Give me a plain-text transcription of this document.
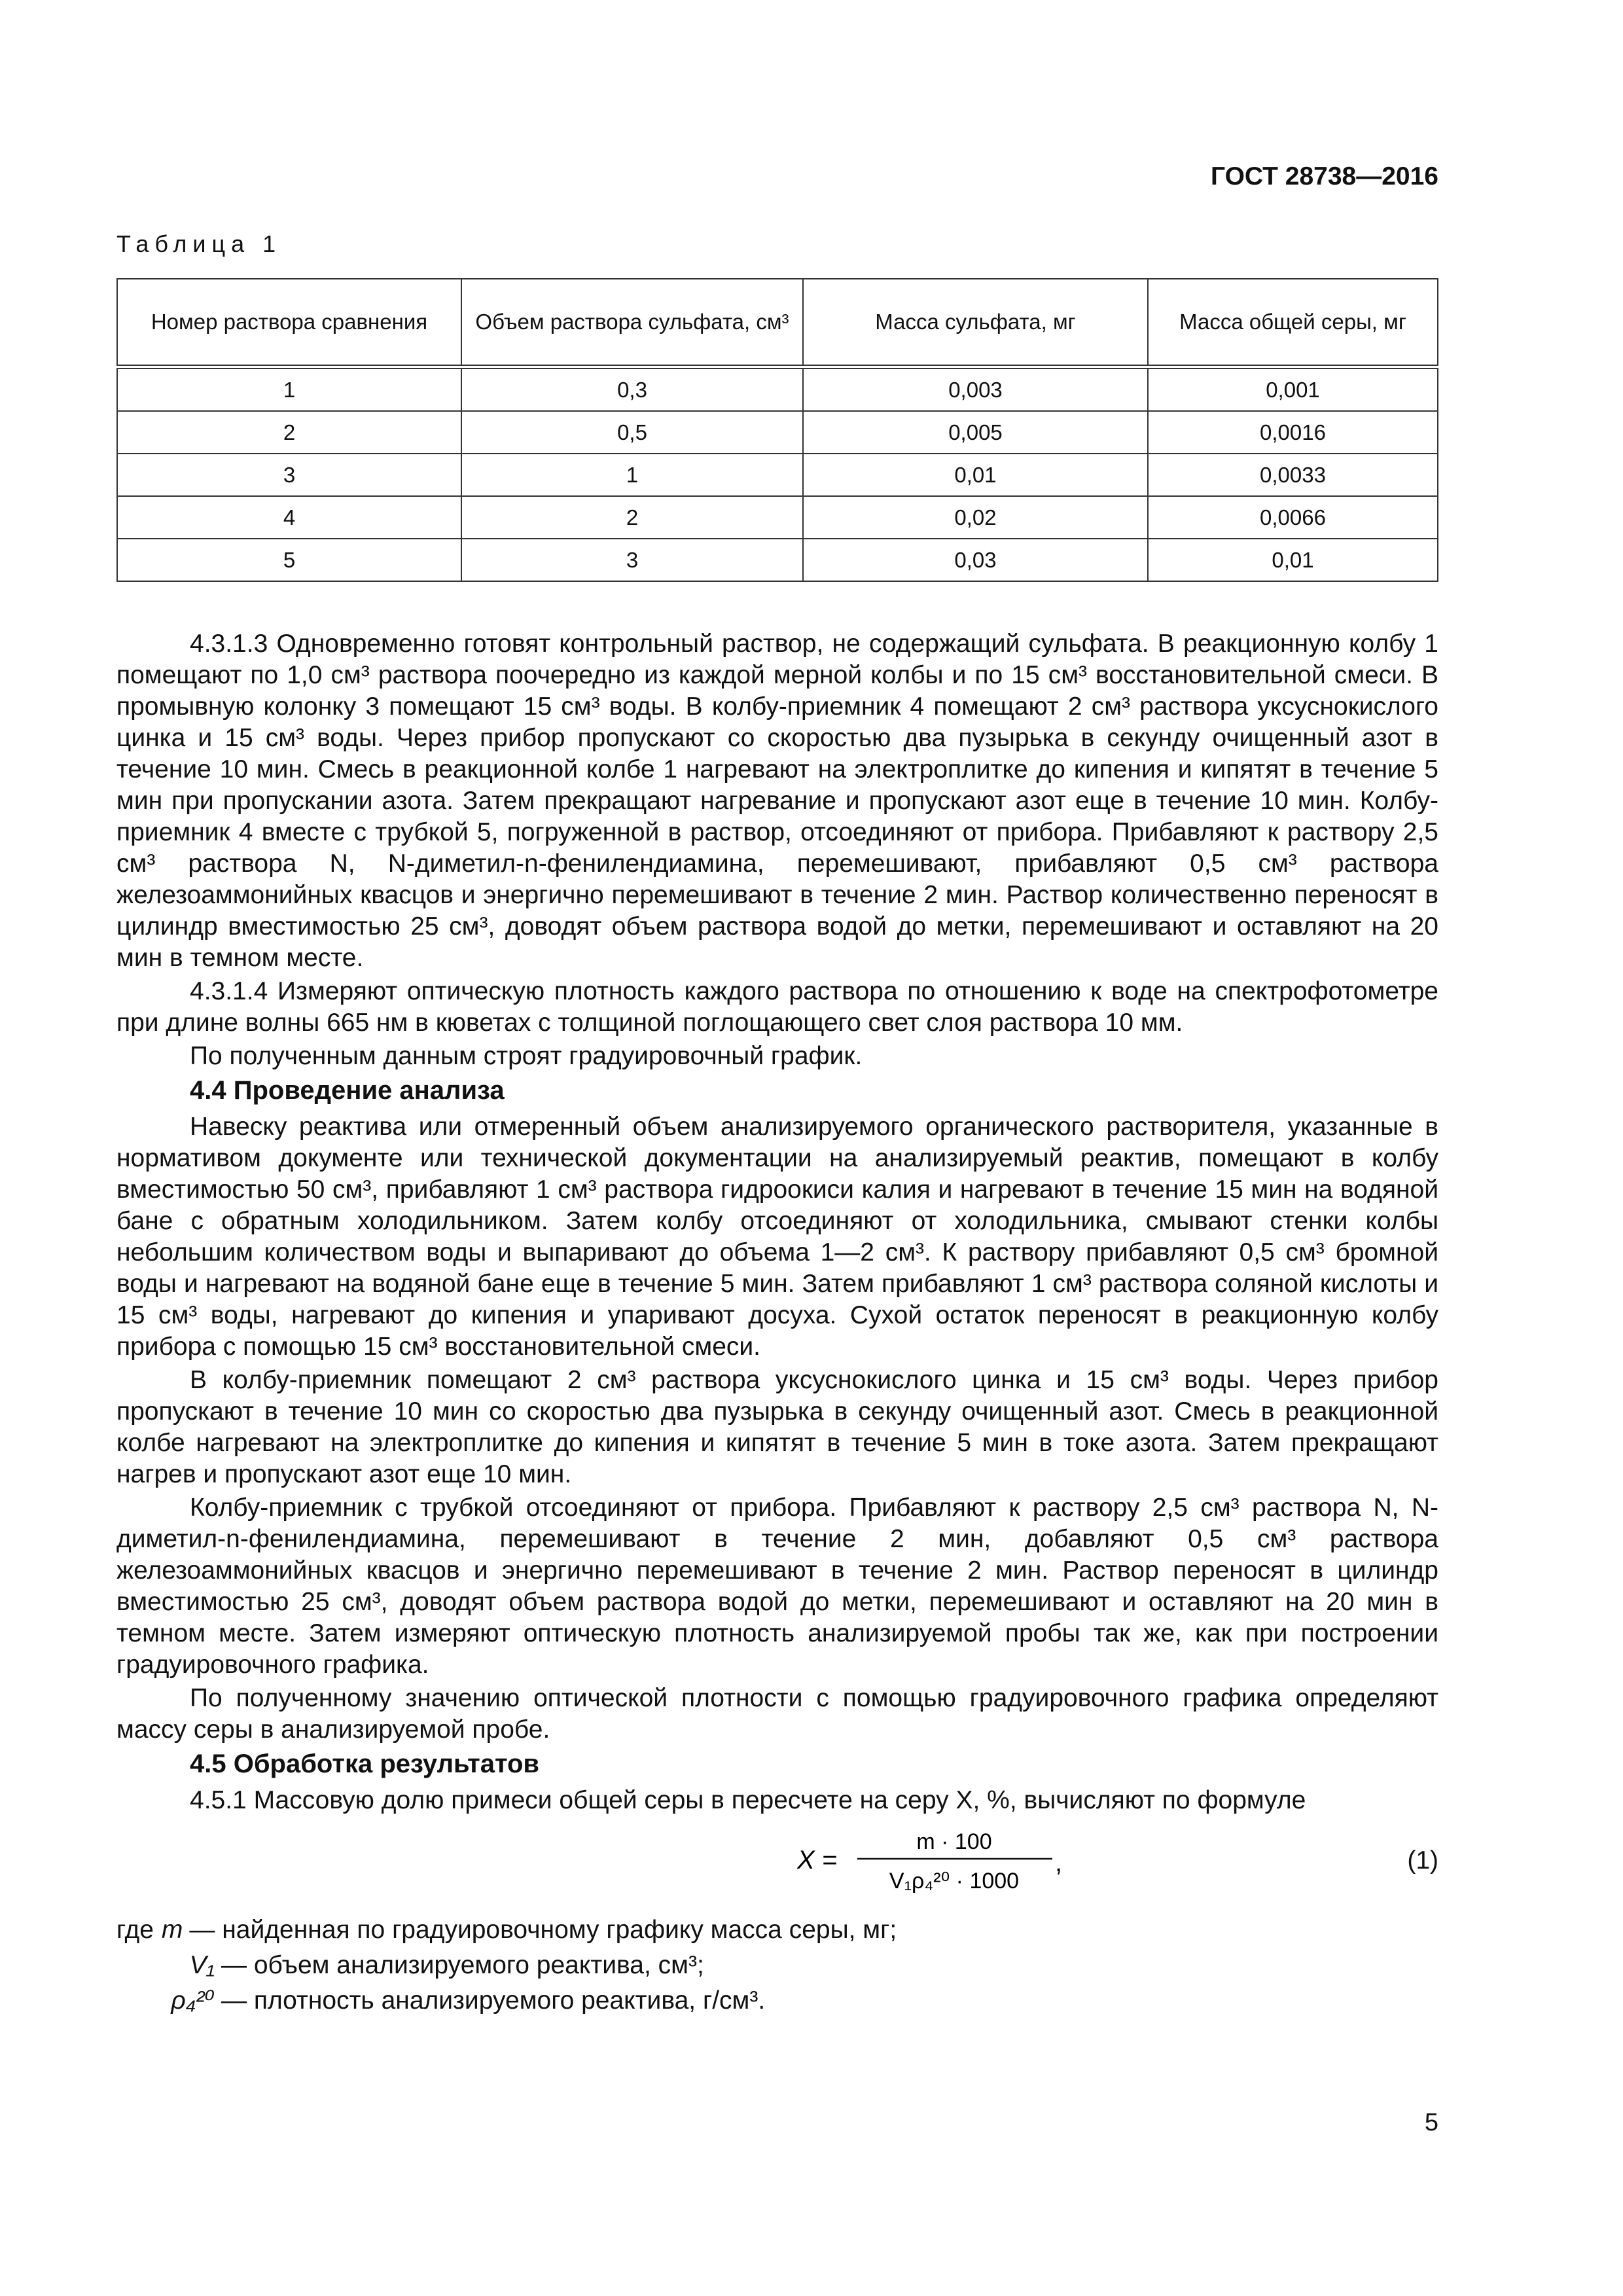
ГОСТ 28738—2016
Таблица 1
Номер раствора сравнения	Объем раствора сульфата, см³	Масса сульфата, мг	Масса общей серы, мг
1	0,3	0,003	0,001
2	0,5	0,005	0,0016
3	1	0,01	0,0033
4	2	0,02	0,0066
5	3	0,03	0,01

4.3.1.3 Одновременно готовят контрольный раствор, не содержащий сульфата. В реакционную колбу 1 помещают по 1,0 см³ раствора поочередно из каждой мерной колбы и по 15 см³ восстановительной смеси. В промывную колонку 3 помещают 15 см³ воды. В колбу-приемник 4 помещают 2 см³ раствора уксуснокислого цинка и 15 см³ воды. Через прибор пропускают со скоростью два пузырька в секунду очищенный азот в течение 10 мин. Смесь в реакционной колбе 1 нагревают на электроплитке до кипения и кипятят в течение 5 мин при пропускании азота. Затем прекращают нагревание и пропускают азот еще в течение 10 мин. Колбу-приемник 4 вместе с трубкой 5, погруженной в раствор, отсоединяют от прибора. Прибавляют к раствору 2,5 см³ раствора N, N-диметил-n-фенилендиамина, перемешивают, прибавляют 0,5 см³ раствора железоаммонийных квасцов и энергично перемешивают в течение 2 мин. Раствор количественно переносят в цилиндр вместимостью 25 см³, доводят объем раствора водой до метки, перемешивают и оставляют на 20 мин в темном месте.

4.3.1.4 Измеряют оптическую плотность каждого раствора по отношению к воде на спектрофотометре при длине волны 665 нм в кюветах с толщиной поглощающего свет слоя раствора 10 мм.

По полученным данным строят градуировочный график.

4.4 Проведение анализа

Навеску реактива или отмеренный объем анализируемого органического растворителя, указанные в нормативом документе или технической документации на анализируемый реактив, помещают в колбу вместимостью 50 см³, прибавляют 1 см³ раствора гидроокиси калия и нагревают в течение 15 мин на водяной бане с обратным холодильником. Затем колбу отсоединяют от холодильника, смывают стенки колбы небольшим количеством воды и выпаривают до объема 1—2 см³. К раствору прибавляют 0,5 см³ бромной воды и нагревают на водяной бане еще в течение 5 мин. Затем прибавляют 1 см³ раствора соляной кислоты и 15 см³ воды, нагревают до кипения и упаривают досуха. Сухой остаток переносят в реакционную колбу прибора с помощью 15 см³ восстановительной смеси.

В колбу-приемник помещают 2 см³ раствора уксуснокислого цинка и 15 см³ воды. Через прибор пропускают в течение 10 мин со скоростью два пузырька в секунду очищенный азот. Смесь в реакционной колбе нагревают на электроплитке до кипения и кипятят в течение 5 мин в токе азота. Затем прекращают нагрев и пропускают азот еще 10 мин.

Колбу-приемник с трубкой отсоединяют от прибора. Прибавляют к раствору 2,5 см³ раствора N, N-диметил-n-фенилендиамина, перемешивают в течение 2 мин, добавляют 0,5 см³ раствора железоаммонийных квасцов и энергично перемешивают в течение 2 мин. Раствор переносят в цилиндр вместимостью 25 см³, доводят объем раствора водой до метки, перемешивают и оставляют на 20 мин в темном месте. Затем измеряют оптическую плотность анализируемой пробы так же, как при построении градуировочного графика.

По полученному значению оптической плотности с помощью градуировочного графика определяют массу серы в анализируемой пробе.

4.5 Обработка результатов

4.5.1 Массовую долю примеси общей серы в пересчете на серу X, %, вычисляют по формуле

X =
m · 100
V₁ρ₄²⁰ · 1000
,	(1)
где m — найденная по градуировочному графику масса серы, мг;
V₁ — объем анализируемого реактива, см³;
ρ₄²⁰ — плотность анализируемого реактива, г/см³.
5
